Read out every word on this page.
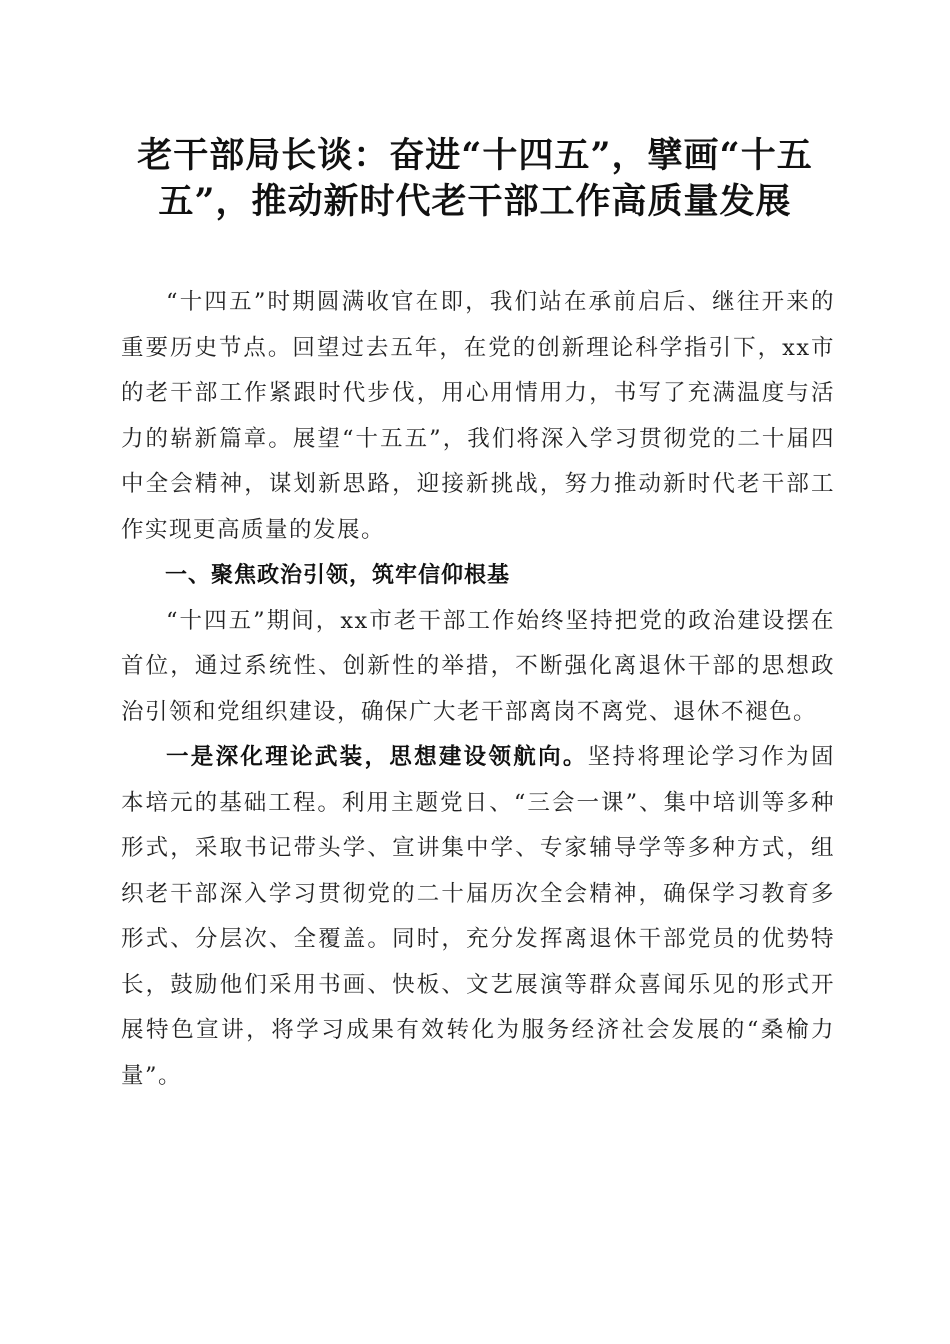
老干部局长谈：奋进“十四五”，擘画“十五五”，推动新时代老干部工作高质量发展

“十四五”时期圆满收官在即，我们站在承前启后、继往开来的重要历史节点。回望过去五年，在党的创新理论科学指引下，xx市的老干部工作紧跟时代步伐，用心用情用力，书写了充满温度与活力的崭新篇章。展望“十五五”，我们将深入学习贯彻党的二十届四中全会精神，谋划新思路，迎接新挑战，努力推动新时代老干部工作实现更高质量的发展。

一、聚焦政治引领，筑牢信仰根基

“十四五”期间，xx市老干部工作始终坚持把党的政治建设摆在首位，通过系统性、创新性的举措，不断强化离退休干部的思想政治引领和党组织建设，确保广大老干部离岗不离党、退休不褪色。

一是深化理论武装，思想建设领航向。坚持将理论学习作为固本培元的基础工程。利用主题党日、“三会一课”、集中培训等多种形式，采取书记带头学、宣讲集中学、专家辅导学等多种方式，组织老干部深入学习贯彻党的二十届历次全会精神，确保学习教育多形式、分层次、全覆盖。同时，充分发挥离退休干部党员的优势特长，鼓励他们采用书画、快板、文艺展演等群众喜闻乐见的形式开展特色宣讲，将学习成果有效转化为服务经济社会发展的“桑榆力量”。
